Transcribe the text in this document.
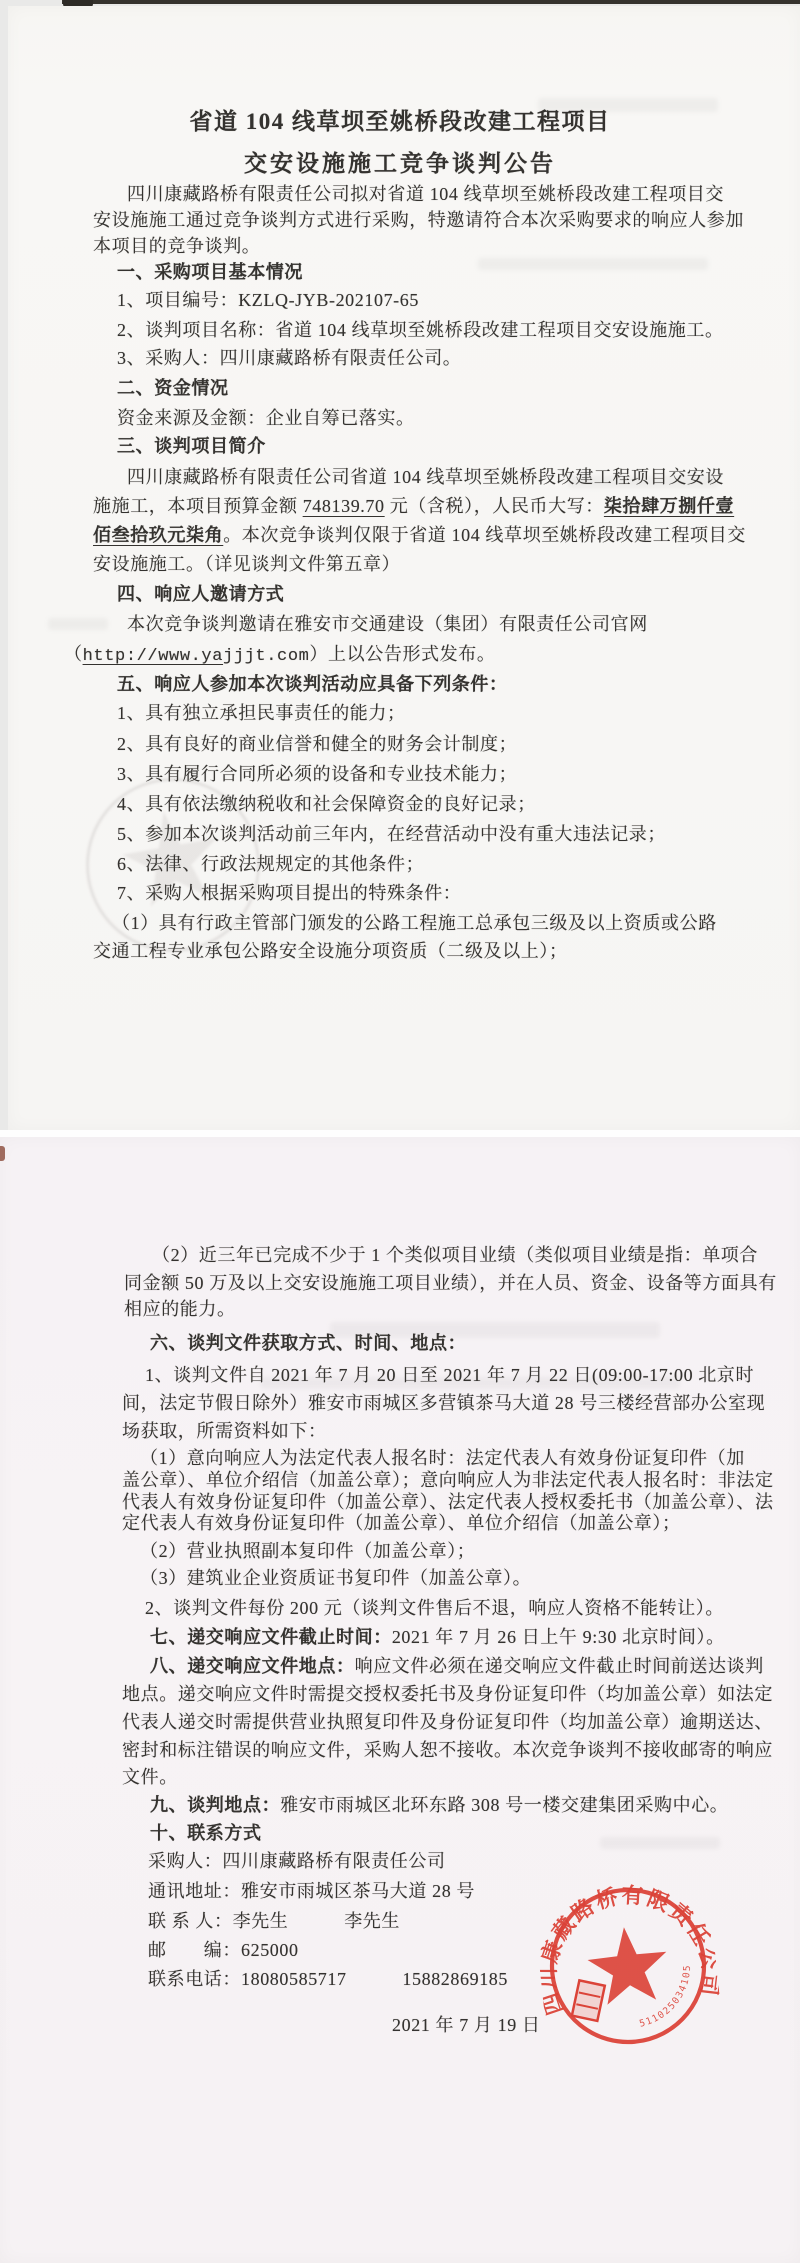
省道 104 线草坝至姚桥段改建工程项目
交安设施施工竞争谈判公告
四川康藏路桥有限责任公司拟对省道 104 线草坝至姚桥段改建工程项目交
安设施施工通过竞争谈判方式进行采购，特邀请符合本次采购要求的响应人参加
本项目的竞争谈判。
一、采购项目基本情况
1、项目编号：KZLQ-JYB-202107-65
2、谈判项目名称：省道 104 线草坝至姚桥段改建工程项目交安设施施工。
3、采购人：四川康藏路桥有限责任公司。
二、资金情况
资金来源及金额：企业自筹已落实。
三、谈判项目简介
四川康藏路桥有限责任公司省道 104 线草坝至姚桥段改建工程项目交安设
施施工，本项目预算金额 748139.70 元（含税），人民币大写：柒拾肆万捌仟壹
佰叁拾玖元柒角。本次竞争谈判仅限于省道 104 线草坝至姚桥段改建工程项目交
安设施施工。（详见谈判文件第五章）
四、响应人邀请方式
本次竞争谈判邀请在雅安市交通建设（集团）有限责任公司官网
（http://www.yajjjt.com）上以公告形式发布。
五、响应人参加本次谈判活动应具备下列条件：
1、具有独立承担民事责任的能力；
2、具有良好的商业信誉和健全的财务会计制度；
3、具有履行合同所必须的设备和专业技术能力；
4、具有依法缴纳税收和社会保障资金的良好记录；
5、参加本次谈判活动前三年内，在经营活动中没有重大违法记录；
6、法律、行政法规规定的其他条件；
7、采购人根据采购项目提出的特殊条件：
（1）具有行政主管部门颁发的公路工程施工总承包三级及以上资质或公路
交通工程专业承包公路安全设施分项资质（二级及以上）；
（2）近三年已完成不少于 1 个类似项目业绩（类似项目业绩是指：单项合
同金额 50 万及以上交安设施施工项目业绩），并在人员、资金、设备等方面具有
相应的能力。
六、谈判文件获取方式、时间、地点：
1、谈判文件自 2021 年 7 月 20 日至 2021 年 7 月 22 日(09:00-17:00 北京时
间，法定节假日除外）雅安市雨城区多营镇茶马大道 28 号三楼经营部办公室现
场获取，所需资料如下：
（1）意向响应人为法定代表人报名时：法定代表人有效身份证复印件（加
盖公章）、单位介绍信（加盖公章）；意向响应人为非法定代表人报名时：非法定
代表人有效身份证复印件（加盖公章）、法定代表人授权委托书（加盖公章）、法
定代表人有效身份证复印件（加盖公章）、单位介绍信（加盖公章）；
（2）营业执照副本复印件（加盖公章）；
（3）建筑业企业资质证书复印件（加盖公章）。
2、谈判文件每份 200 元（谈判文件售后不退，响应人资格不能转让）。
七、递交响应文件截止时间：2021 年 7 月 26 日上午 9:30 北京时间）。
八、递交响应文件地点：响应文件必须在递交响应文件截止时间前送达谈判
地点。递交响应文件时需提交授权委托书及身份证复印件（均加盖公章）如法定
代表人递交时需提供营业执照复印件及身份证复印件（均加盖公章）逾期送达、
密封和标注错误的响应文件，采购人恕不接收。本次竞争谈判不接收邮寄的响应
文件。
九、谈判地点：雅安市雨城区北环东路 308 号一楼交建集团采购中心。
十、联系方式
采购人：四川康藏路桥有限责任公司
通讯地址：雅安市雨城区茶马大道 28 号
联 系 人：李先生　　　李先生
邮　　编：625000
联系电话：18080585717　　　15882869185
2021 年 7 月 19 日
四川康藏路桥有限责任公司
511025034105
